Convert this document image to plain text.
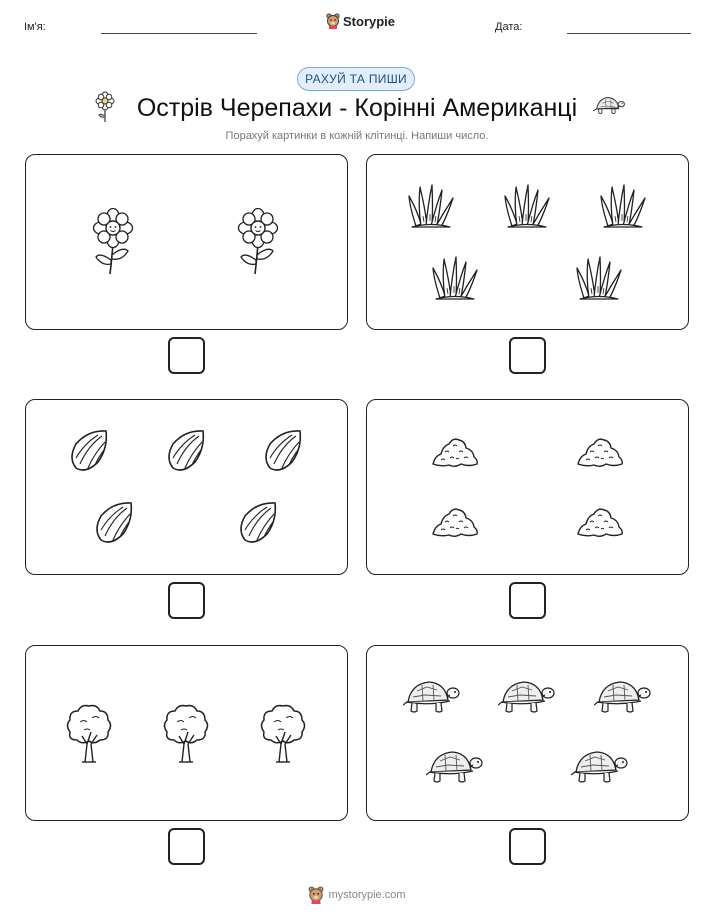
Ім'я:	Storypie	Дата:
РАХУЙ ТА ПИШИ
Острів Черепахи - Корінні Американці
Порахуй картинки в кожній клітинці. Напиши число.
mystorypie.com
